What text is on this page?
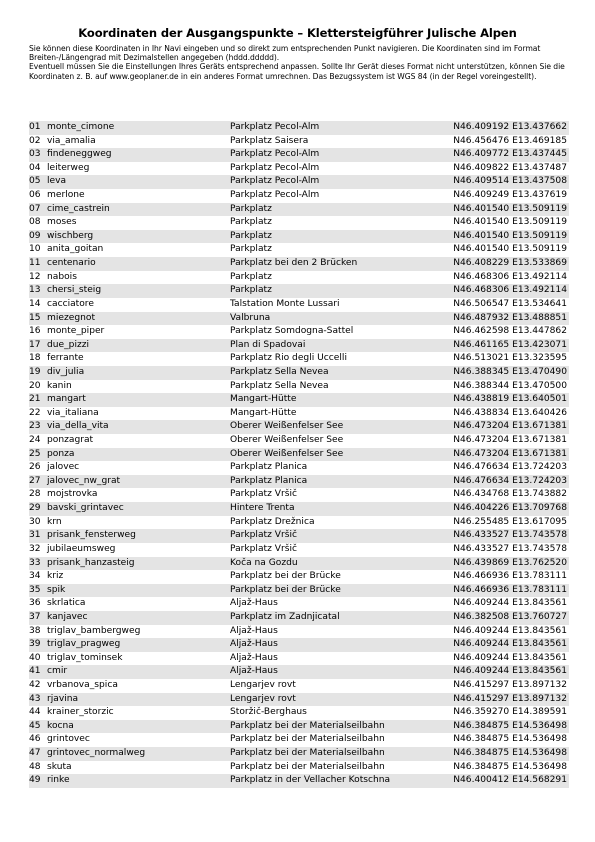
Koordinaten der Ausgangspunkte – Klettersteigführer Julische Alpen

Sie können diese Koordinaten in Ihr Navi eingeben und so direkt zum entsprechenden Punkt navigieren. Die Koordinaten sind im Format Breiten-/Längengrad mit Dezimalstellen angegeben (hddd.ddddd).

Eventuell müssen Sie die Einstellungen Ihres Geräts entsprechend anpassen. Sollte Ihr Gerät dieses Format nicht unterstützen, können Sie die Koordinaten z. B. auf www.geoplaner.de in ein anderes Format umrechnen. Das Bezugssystem ist WGS 84 (in der Regel voreingestellt).

01 monte_cimone	Parkplatz Pecol-Alm	N46.409192 E13.437662
02 via_amalia	Parkplatz Saisera	N46.456476 E13.469185
03 findeneggweg	Parkplatz Pecol-Alm	N46.409772 E13.437445
04 leiterweg	Parkplatz Pecol-Alm	N46.409822 E13.437487
05 leva	Parkplatz Pecol-Alm	N46.409514 E13.437508
06 merlone	Parkplatz Pecol-Alm	N46.409249 E13.437619
07 cime_castrein	Parkplatz	N46.401540 E13.509119
08 moses	Parkplatz	N46.401540 E13.509119
09 wischberg	Parkplatz	N46.401540 E13.509119
10 anita_goitan	Parkplatz	N46.401540 E13.509119
11 centenario	Parkplatz bei den 2 Brücken	N46.408229 E13.533869
12 nabois	Parkplatz	N46.468306 E13.492114
13 chersi_steig	Parkplatz	N46.468306 E13.492114
14 cacciatore	Talstation Monte Lussari	N46.506547 E13.534641
15 miezegnot	Valbruna	N46.487932 E13.488851
16 monte_piper	Parkplatz Somdogna-Sattel	N46.462598 E13.447862
17 due_pizzi	Plan di Spadovai	N46.461165 E13.423071
18 ferrante	Parkplatz Rio degli Uccelli	N46.513021 E13.323595
19 div_julia	Parkplatz Sella Nevea	N46.388345 E13.470490
20 kanin	Parkplatz Sella Nevea	N46.388344 E13.470500
21 mangart	Mangart-Hütte	N46.438819 E13.640501
22 via_italiana	Mangart-Hütte	N46.438834 E13.640426
23 via_della_vita	Oberer Weißenfelser See	N46.473204 E13.671381
24 ponzagrat	Oberer Weißenfelser See	N46.473204 E13.671381
25 ponza	Oberer Weißenfelser See	N46.473204 E13.671381
26 jalovec	Parkplatz Planica	N46.476634 E13.724203
27 jalovec_nw_grat	Parkplatz Planica	N46.476634 E13.724203
28 mojstrovka	Parkplatz Vršič	N46.434768 E13.743882
29 bavski_grintavec	Hintere Trenta	N46.404226 E13.709768
30 krn	Parkplatz Drežnica	N46.255485 E13.617095
31 prisank_fensterweg	Parkplatz Vršič	N46.433527 E13.743578
32 jubilaeumsweg	Parkplatz Vršič	N46.433527 E13.743578
33 prisank_hanzasteig	Koča na Gozdu	N46.439869 E13.762520
34 kriz	Parkplatz bei der Brücke	N46.466936 E13.783111
35 spik	Parkplatz bei der Brücke	N46.466936 E13.783111
36 skrlatica	Aljaž-Haus	N46.409244 E13.843561
37 kanjavec	Parkplatz im Zadnjicatal	N46.382508 E13.760727
38 triglav_bambergweg	Aljaž-Haus	N46.409244 E13.843561
39 triglav_pragweg	Aljaž-Haus	N46.409244 E13.843561
40 triglav_tominsek	Aljaž-Haus	N46.409244 E13.843561
41 cmir	Aljaž-Haus	N46.409244 E13.843561
42 vrbanova_spica	Lengarjev rovt	N46.415297 E13.897132
43 rjavina	Lengarjev rovt	N46.415297 E13.897132
44 krainer_storzic	Storžič-Berghaus	N46.359270 E14.389591
45 kocna	Parkplatz bei der Materialseilbahn	N46.384875 E14.536498
46 grintovec	Parkplatz bei der Materialseilbahn	N46.384875 E14.536498
47 grintovec_normalweg	Parkplatz bei der Materialseilbahn	N46.384875 E14.536498
48 skuta	Parkplatz bei der Materialseilbahn	N46.384875 E14.536498
49 rinke	Parkplatz in der Vellacher Kotschna	N46.400412 E14.568291
